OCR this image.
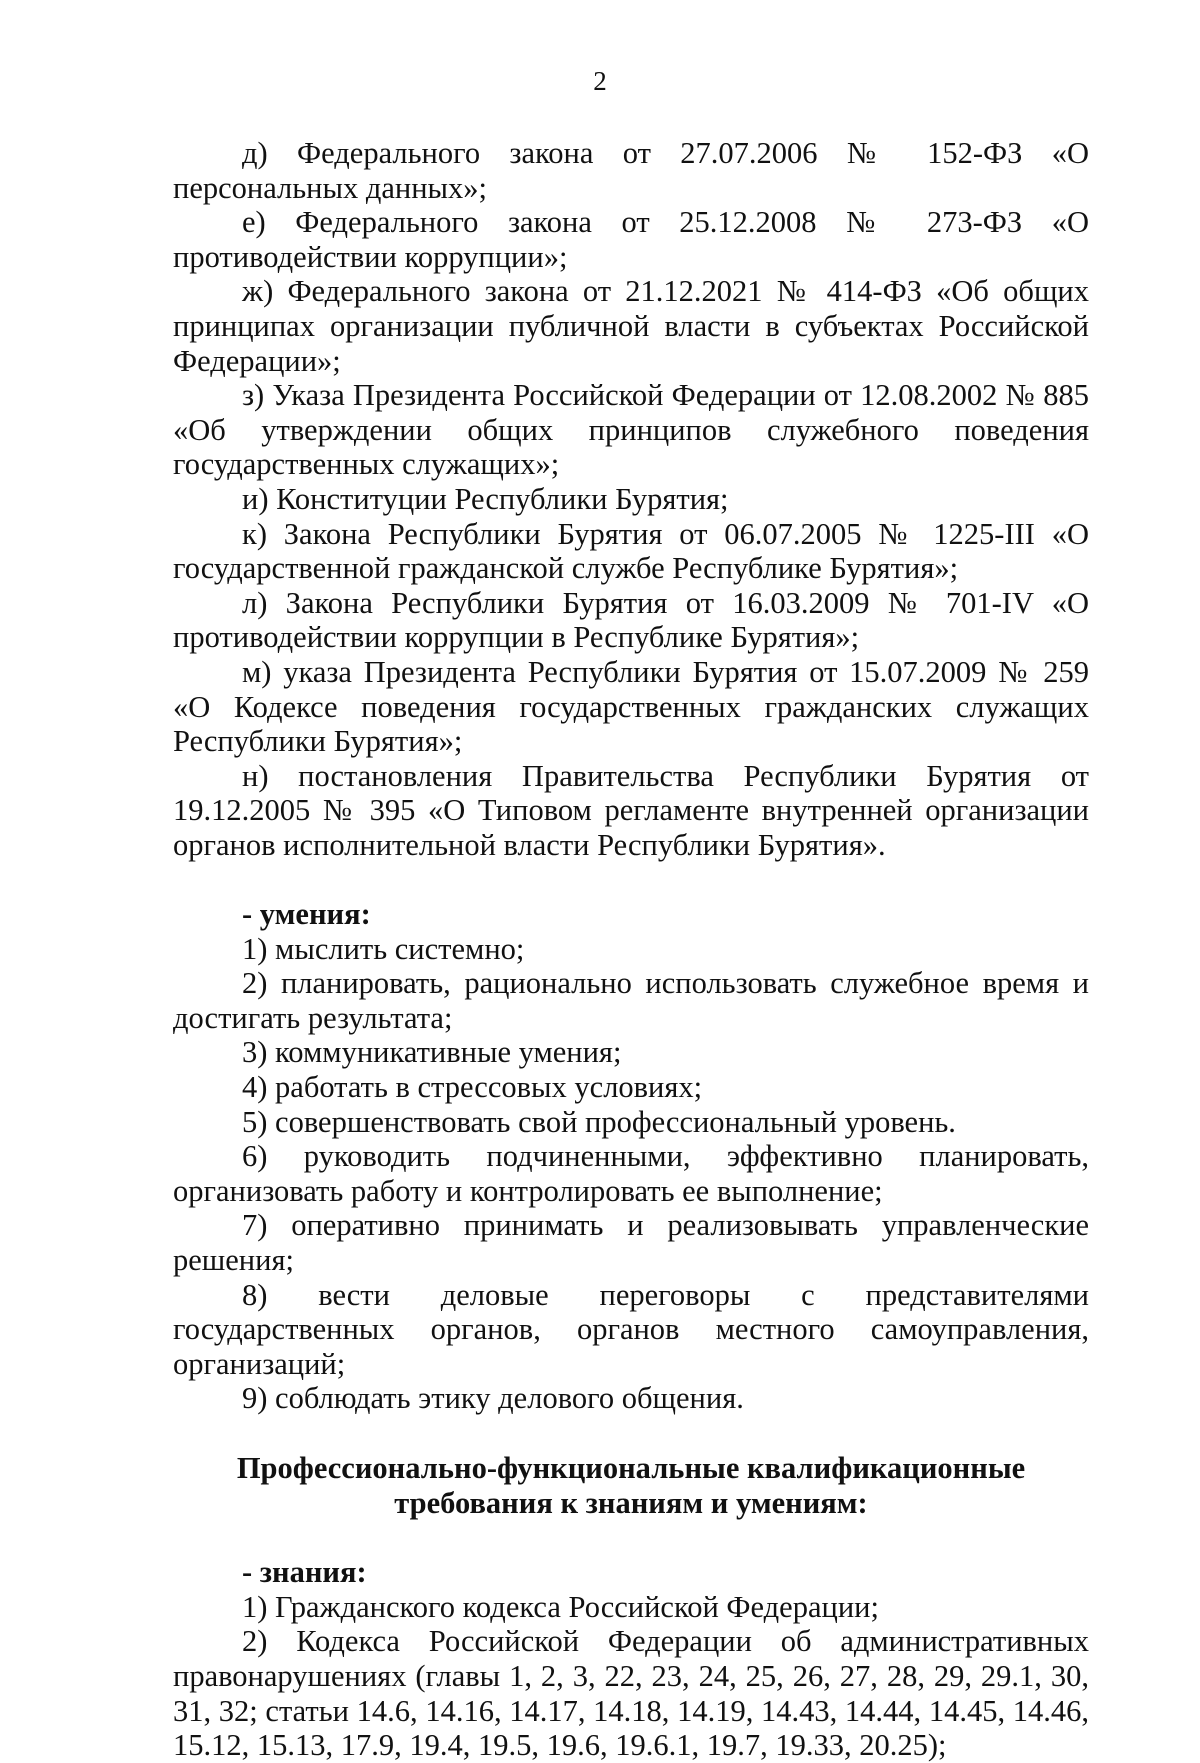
2

д) Федерального закона от 27.07.2006 № 152-ФЗ «О персональных данных»;

е) Федерального закона от 25.12.2008 № 273-ФЗ «О противодействии коррупции»;

ж) Федерального закона от 21.12.2021 № 414-ФЗ «Об общих принципах организации публичной власти в субъектах Российской Федерации»;

з) Указа Президента Российской Федерации от 12.08.2002 № 885 «Об утверждении общих принципов служебного поведения государственных служащих»;

и) Конституции Республики Бурятия;

к) Закона Республики Бурятия от 06.07.2005 № 1225-III «О государственной гражданской службе Республике Бурятия»;

л) Закона Республики Бурятия от 16.03.2009 № 701-IV «О противодействии коррупции в Республике Бурятия»;

м) указа Президента Республики Бурятия от 15.07.2009 № 259 «О Кодексе поведения государственных гражданских служащих Республики Бурятия»;

н) постановления Правительства Республики Бурятия от 19.12.2005 № 395 «О Типовом регламенте внутренней организации органов исполнительной власти Республики Бурятия».

- умения:

1) мыслить системно;

2) планировать, рационально использовать служебное время и достигать результата;

3) коммуникативные умения;

4) работать в стрессовых условиях;

5) совершенствовать свой профессиональный уровень.

6) руководить подчиненными, эффективно планировать, организовать работу и контролировать ее выполнение;

7) оперативно принимать и реализовывать управленческие решения;

8) вести деловые переговоры с представителями государственных органов, органов местного самоуправления, организаций;

9) соблюдать этику делового общения.

Профессионально-функциональные квалификационные

требования к знаниям и умениям:

- знания:

1) Гражданского кодекса Российской Федерации;

2) Кодекса Российской Федерации об административных правонарушениях (главы 1, 2, 3, 22, 23, 24, 25, 26, 27, 28, 29, 29.1, 30, 31, 32; статьи 14.6, 14.16, 14.17, 14.18, 14.19, 14.43, 14.44, 14.45, 14.46, 15.12, 15.13, 17.9, 19.4, 19.5, 19.6, 19.6.1, 19.7, 19.33, 20.25);
